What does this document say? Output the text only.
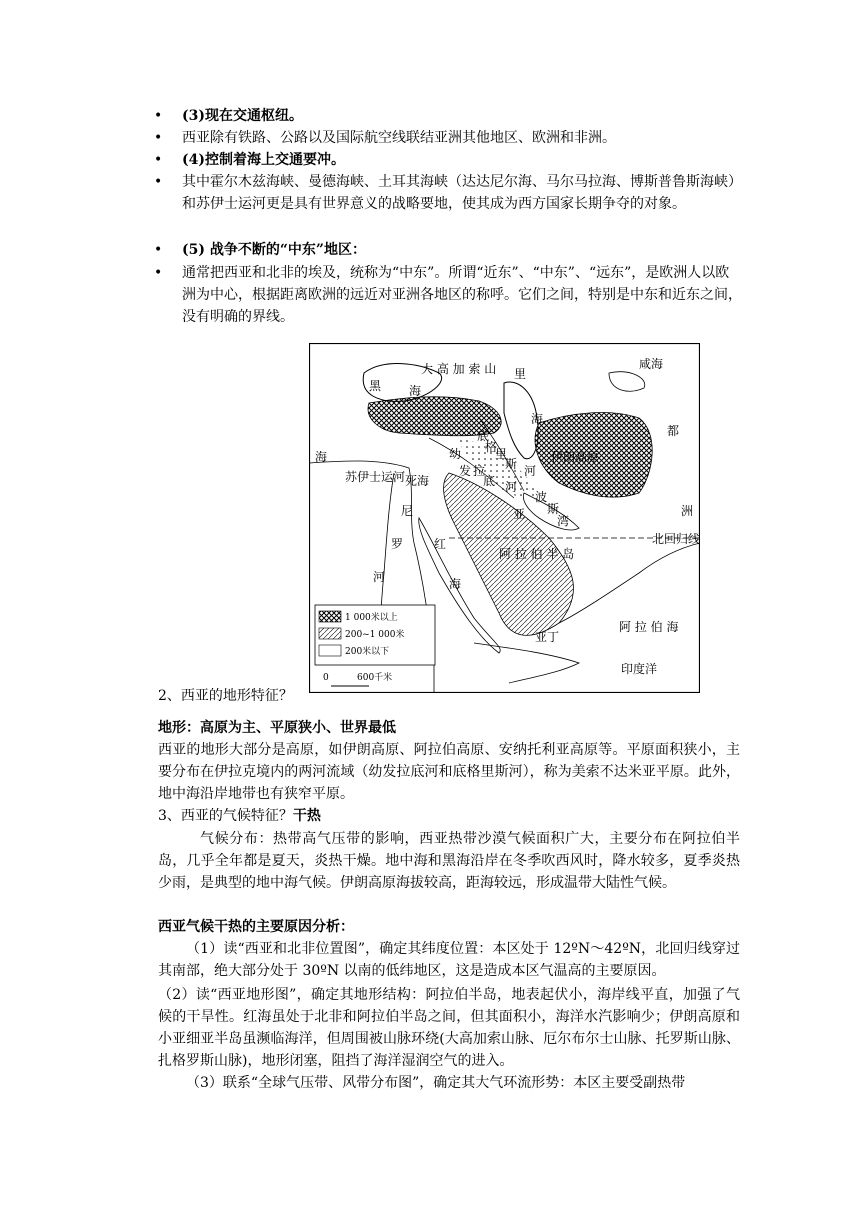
• (3)现在交通枢纽。
• 西亚除有铁路、公路以及国际航空线联结亚洲其他地区、欧洲和非洲。
• (4)控制着海上交通要冲。
• 其中霍尔木兹海峡、曼德海峡、土耳其海峡（达达尼尔海、马尔马拉海、博斯普鲁斯海峡）和苏伊士运河更是具有世界意义的战略要地，使其成为西方国家长期争夺的对象。
• (5) 战争不断的“中东”地区：
• 通常把西亚和北非的埃及，统称为“中东”。所谓“近东”、“中东”、“远东”，是欧洲人以欧洲为中心，根据距离欧洲的远近对亚洲各地区的称呼。它们之间，特别是中东和近东之间，没有明确的界线。
咸海
黑 海
大 高 加 索 山 里
海
海
苏伊士运河 死海
幼
发 拉
底 河
底
格
里
斯	伊朗高原
河
亚
波
斯
湾
尼
罗
河
红
海
阿 拉 伯 半 岛
北回归线
洲
亚丁
阿 拉 伯 海
印度洋
都
1 000米以上
200~1 000米
200米以下
0	600千米
2、西亚的地形特征？
地形：高原为主、平原狭小、世界最低
西亚的地形大部分是高原，如伊朗高原、阿拉伯高原、安纳托利亚高原等。平原面积狭小，主要分布在伊拉克境内的两河流域（幼发拉底河和底格里斯河），称为美索不达米亚平原。此外，地中海沿岸地带也有狭窄平原。
3、西亚的气候特征？干热
气候分布：热带高气压带的影响，西亚热带沙漠气候面积广大，主要分布在阿拉伯半岛，几乎全年都是夏天，炎热干燥。地中海和黑海沿岸在冬季吹西风时，降水较多，夏季炎热少雨，是典型的地中海气候。伊朗高原海拔较高，距海较远，形成温带大陆性气候。
西亚气候干热的主要原因分析：
（1）读“西亚和北非位置图”，确定其纬度位置：本区处于 12ºN～42ºN，北回归线穿过其南部，绝大部分处于 30ºN 以南的低纬地区，这是造成本区气温高的主要原因。
（2）读“西亚地形图”，确定其地形结构：阿拉伯半岛，地表起伏小，海岸线平直，加强了气候的干旱性。红海虽处于北非和阿拉伯半岛之间，但其面积小，海洋水汽影响少；伊朗高原和小亚细亚半岛虽濒临海洋，但周围被山脉环绕(大高加索山脉、厄尔布尔士山脉、托罗斯山脉、扎格罗斯山脉)，地形闭塞，阻挡了海洋湿润空气的进入。
（3）联系“全球气压带、风带分布图”，确定其大气环流形势：本区主要受副热带
